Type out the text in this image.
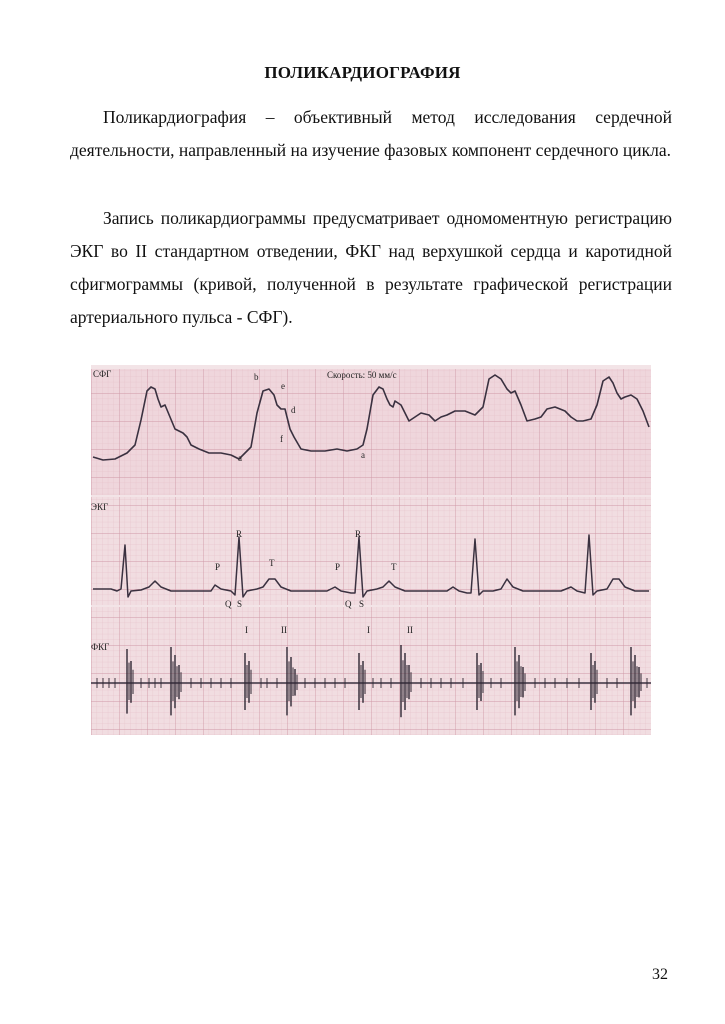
ПОЛИКАРДИОГРАФИЯ
Поликардиография – объективный метод исследования сердечной деятельности, направленный на изучение фазовых компонент сердечного цикла.
Запись поликардиограммы предусматривает одномоментную регистрацию ЭКГ во II стандартном отведении, ФКГ над верхушкой сердца и каротидной сфигмограммы (кривой, полученной в результате графической регистрации артериального пульса - СФГ).
СФГ	Скорость: 50 мм/с
b
e
d
f
a	a
ЭКГ
R
P	T
Q S
R
P	T
Q S
I	II	I	II
ФКГ
32
